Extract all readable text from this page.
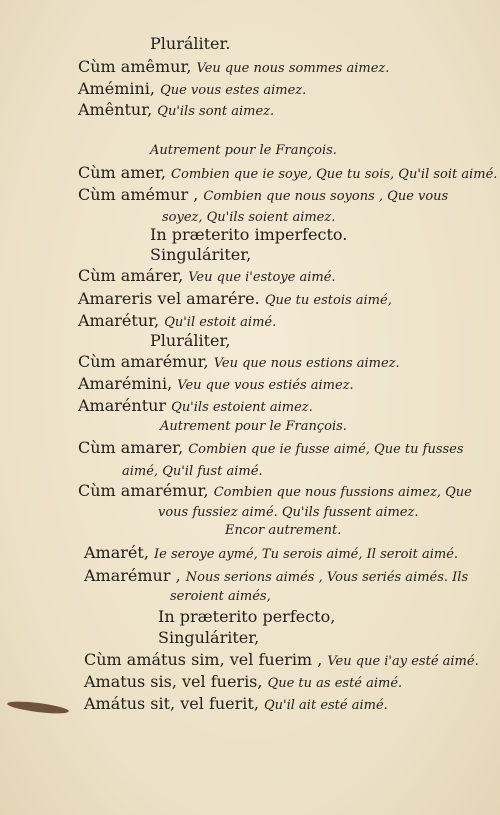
Pluráliter.
Cùm amêmur, Veu que nous sommes aimez.
Amémini, Que vous estes aimez.
Amêntur, Qu'ils sont aimez.
Autrement pour le François.
Cùm amer, Combien que ie soye, Que tu sois, Qu'il soit aimé.
Cùm amémur , Combien que nous soyons , Que vous
soyez, Qu'ils soient aimez.
In præterito imperfecto.
Singuláriter,
Cùm amárer, Veu que i'estoye aimé.
Amareris vel amarére. Que tu estois aimé,
Amarétur, Qu'il estoit aimé.
Pluráliter,
Cùm amarémur, Veu que nous estions aimez.
Amarémini, Veu que vous estiés aimez.
Amaréntur Qu'ils estoient aimez.
Autrement pour le François.
Cùm amarer, Combien que ie fusse aimé, Que tu fusses
aimé, Qu'il fust aimé.
Cùm amarémur, Combien que nous fussions aimez, Que
vous fussiez aimé. Qu'ils fussent aimez.
Encor autrement.
Amarét, Ie seroye aymé, Tu serois aimé, Il seroit aimé.
Amarémur , Nous serions aimés , Vous seriés aimés. Ils
seroient aimés,
In præterito perfecto,
Singuláriter,
Cùm amátus sim, vel fuerim , Veu que i'ay esté aimé.
Amatus sis, vel fueris, Que tu as esté aimé.
Amátus sit, vel fuerit, Qu'il ait esté aimé.
